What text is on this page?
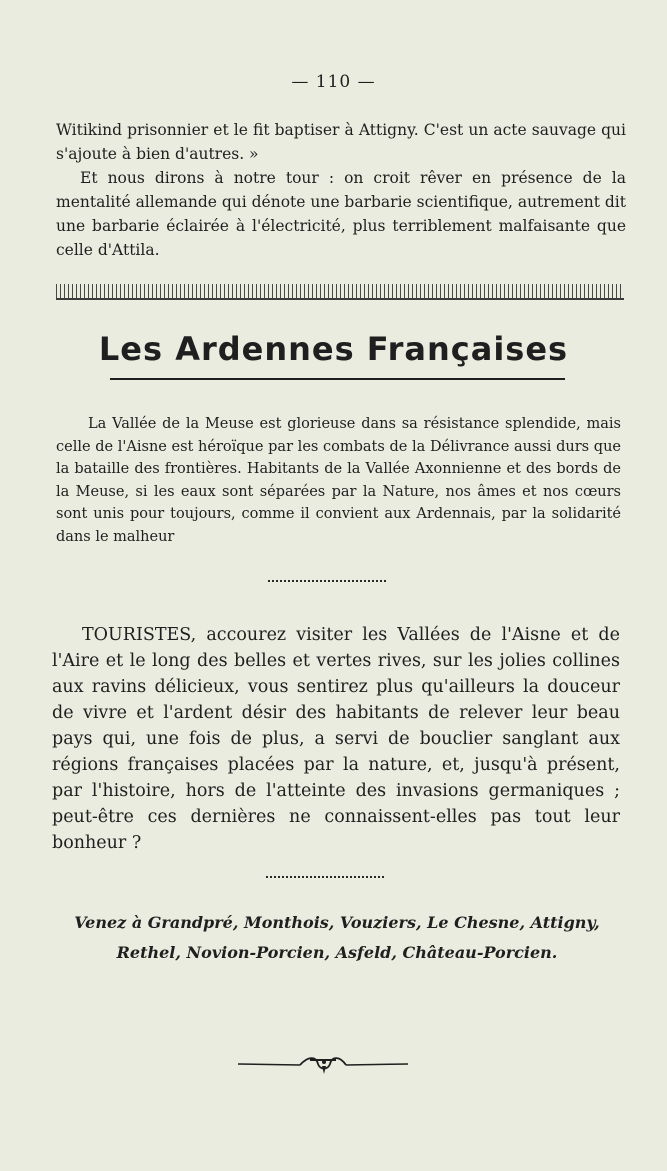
— 110 —

Witikind prisonnier et le fit baptiser à Attigny. C'est un acte sauvage qui s'ajoute à bien d'autres. »

Et nous dirons à notre tour : on croit rêver en présence de la mentalité allemande qui dénote une barbarie scientifique, autrement dit une barbarie éclairée à l'électricité, plus terriblement malfaisante que celle d'Attila.

Les Ardennes Françaises

La Vallée de la Meuse est glorieuse dans sa résistance splendide, mais celle de l'Aisne est héroïque par les combats de la Délivrance aussi durs que la bataille des frontières. Habitants de la Vallée Axonnienne et des bords de la Meuse, si les eaux sont séparées par la Nature, nos âmes et nos cœurs sont unis pour toujours, comme il convient aux Ardennais, par la solidarité dans le malheur

TOURISTES, accourez visiter les Vallées de l'Aisne et de l'Aire et le long des belles et vertes rives, sur les jolies collines aux ravins délicieux, vous sentirez plus qu'ailleurs la douceur de vivre et l'ardent désir des habitants de relever leur beau pays qui, une fois de plus, a servi de bouclier sanglant aux régions françaises placées par la nature, et, jusqu'à présent, par l'histoire, hors de l'atteinte des invasions germaniques ; peut-être ces dernières ne connaissent-elles pas tout leur bonheur ?

Venez à Grandpré, Monthois, Vouziers, Le Chesne, Attigny,

Rethel, Novion-Porcien, Asfeld, Château-Porcien.
